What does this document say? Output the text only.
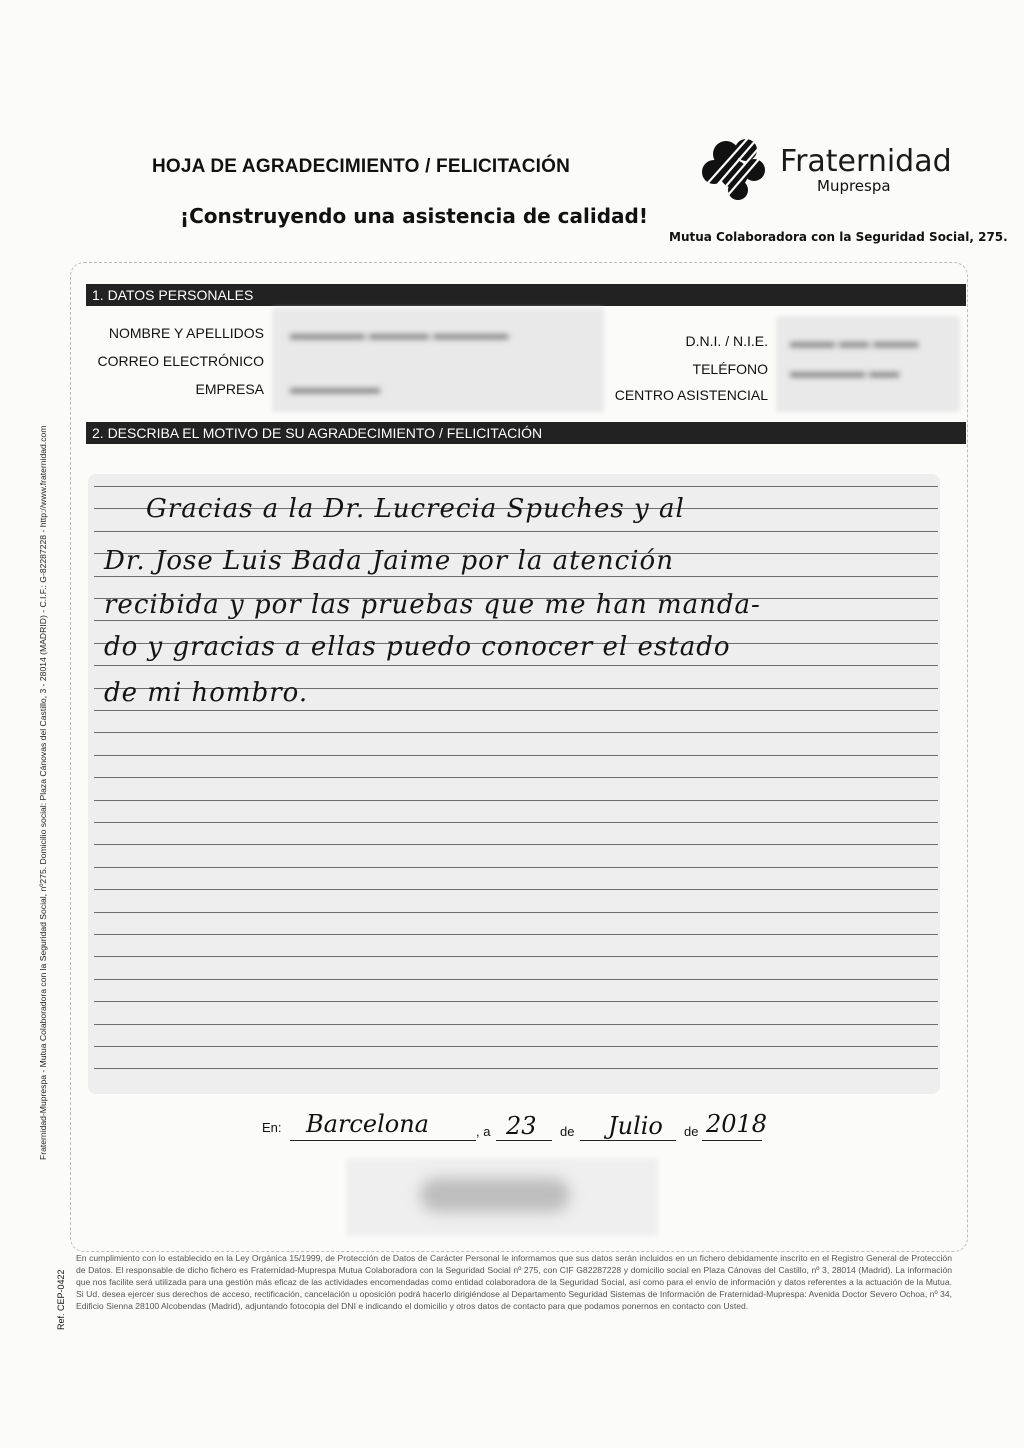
HOJA DE AGRADECIMIENTO / FELICITACIÓN
¡Construyendo una asistencia de calidad!
Fraternidad
Muprespa
Mutua Colaboradora con la Seguridad Social, 275.
1. DATOS PERSONALES
NOMBRE Y APELLIDOS
CORREO ELECTRÓNICO
EMPRESA
▬▬▬▬▬ ▬▬▬▬ ▬▬▬▬▬
▬▬▬▬▬▬
D.N.I. / N.I.E.
TELÉFONO
CENTRO ASISTENCIAL
▬▬▬ ▬▬ ▬▬▬
▬▬▬▬▬ ▬▬
2. DESCRIBA EL MOTIVO DE SU AGRADECIMIENTO / FELICITACIÓN
Gracias a la Dr. Lucrecia Spuches y al
Dr. Jose Luis Bada Jaime por la atención
recibida y por las pruebas que me han manda-
do y gracias a ellas puedo conocer el estado
de mi hombro.
En: Barcelona	, a 23 de Julio de 2018
Fraternidad-Muprespa - Mutua Colaboradora con la Seguridad Social, nº275. Domicilio social: Plaza Cánovas del Castillo, 3 - 28014 (MADRID) - C.I.F.: G-82287228 - http://www.fraternidad.com
Ref. CEP-0422
En cumplimiento con lo establecido en la Ley Orgánica 15/1999, de Protección de Datos de Carácter Personal le informamos que sus datos serán incluidos en un fichero debidamente inscrito en el Registro General de Protección de Datos. El responsable de dicho fichero es Fraternidad-Muprespa Mutua Colaboradora con la Seguridad Social nº 275, con CIF G82287228 y domicilio social en Plaza Cánovas del Castillo, nº 3, 28014 (Madrid). La información que nos facilite será utilizada para una gestión más eficaz de las actividades encomendadas como entidad colaboradora de la Seguridad Social, así como para el envío de información y datos referentes a la actuación de la Mutua. Si Ud. desea ejercer sus derechos de acceso, rectificación, cancelación u oposición podrá hacerlo dirigiéndose al Departamento Seguridad Sistemas de Información de Fraternidad-Muprespa: Avenida Doctor Severo Ochoa, nº 34, Edificio Sienna 28100 Alcobendas (Madrid), adjuntando fotocopia del DNI e indicando el domicilio y otros datos de contacto para que podamos ponernos en contacto con Usted.
